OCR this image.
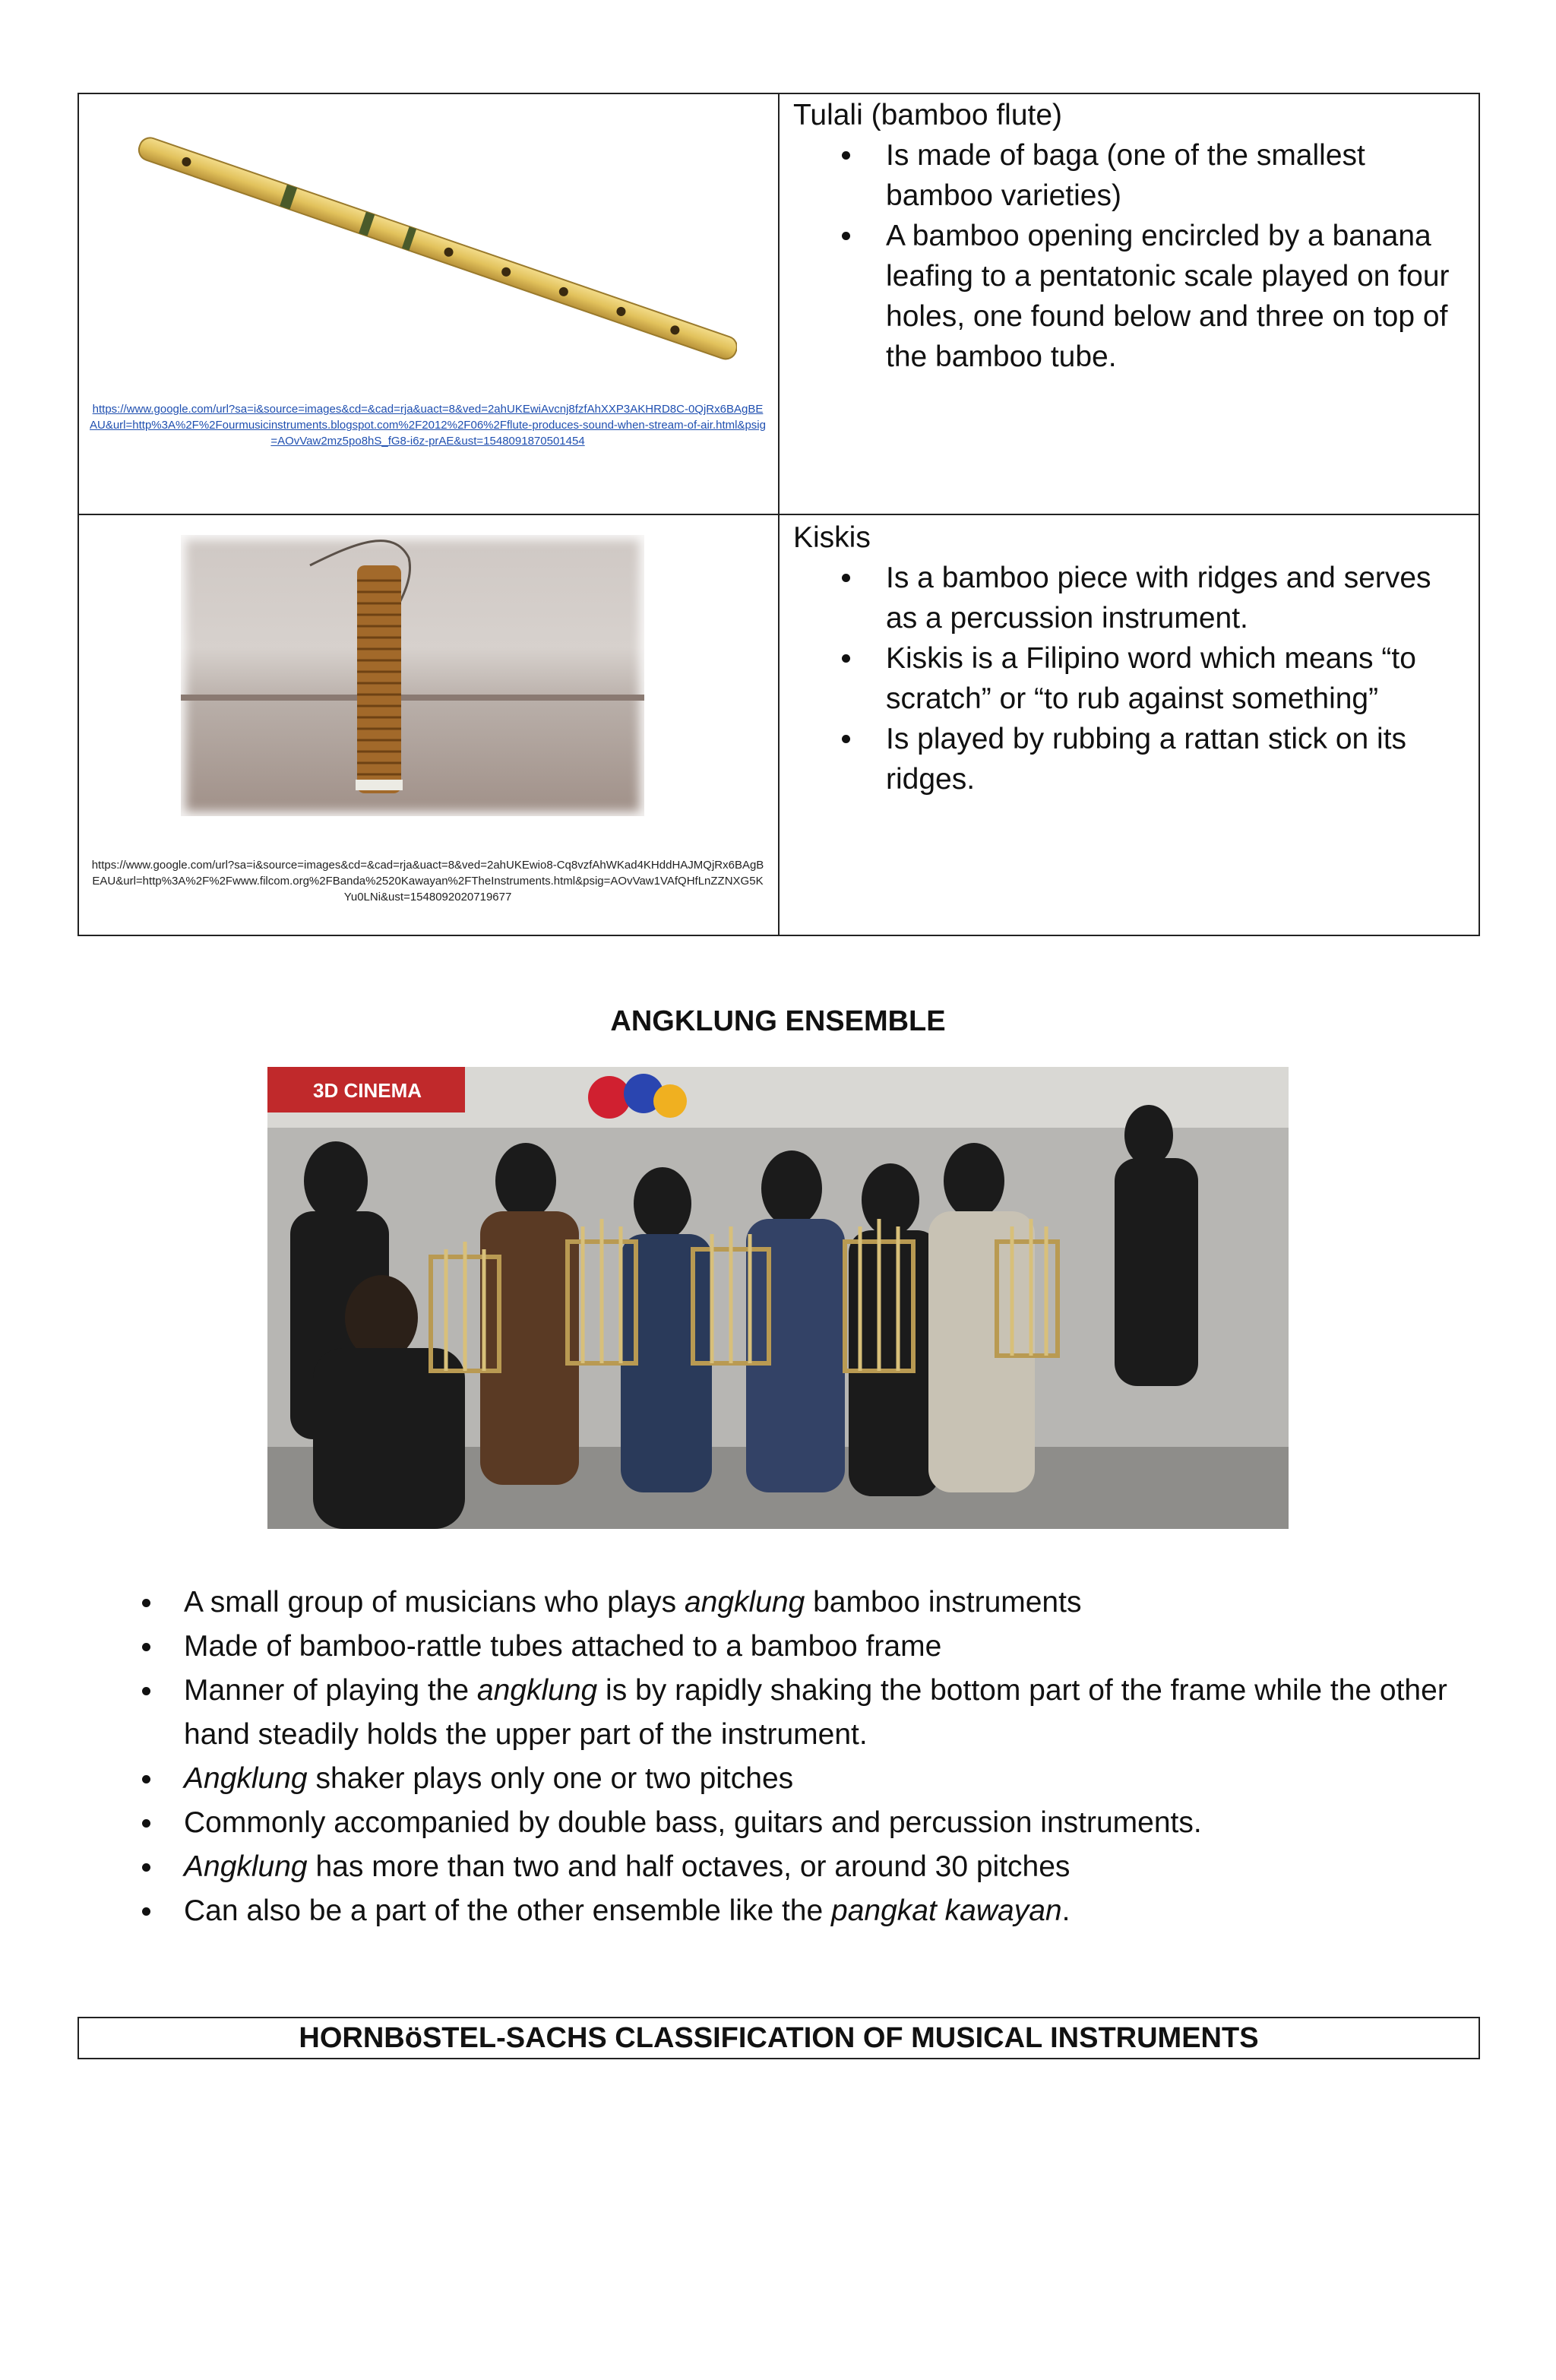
https://www.google.com/url?sa=i&source=images&cd=&cad=rja&uact=8&ved=2ahUKEwiAvcnj8fzfAhXXP3AKHRD8C-0QjRx6BAgBEAU&url=http%3A%2F%2Fourmusicinstruments.blogspot.com%2F2012%2F06%2Fflute-produces-sound-when-stream-of-air.html&psig=AOvVaw2mz5po8hS_fG8-i6z-prAE&ust=1548091870501454
Tulali (bamboo flute)
Is made of baga (one of the smallest bamboo varieties)
A bamboo opening encircled by a banana leafing to a pentatonic scale played on four holes, one found below and three on top of the bamboo tube.
https://www.google.com/url?sa=i&source=images&cd=&cad=rja&uact=8&ved=2ahUKEwio8-Cq8vzfAhWKad4KHddHAJMQjRx6BAgBEAU&url=http%3A%2F%2Fwww.filcom.org%2FBanda%2520Kawayan%2FTheInstruments.html&psig=AOvVaw1VAfQHfLnZZNXG5KYu0LNi&ust=1548092020719677
Kiskis
Is a bamboo piece with ridges and serves as a percussion instrument.
Kiskis is a Filipino word which means “to scratch” or “to rub against something”
Is played by rubbing a rattan stick on its ridges.
ANGKLUNG ENSEMBLE
3D CINEMA
A small group of musicians who plays angklung bamboo instruments
Made of bamboo-rattle tubes attached to a bamboo frame
Manner of playing the angklung is by rapidly shaking the bottom part of the frame while the other hand steadily holds the upper part of the instrument.
Angklung shaker plays only one or two pitches
Commonly accompanied by double bass, guitars and percussion instruments.
Angklung has more than two and half octaves, or around 30 pitches
Can also be a part of the other ensemble like the pangkat kawayan.
HORNBöSTEL-SACHS CLASSIFICATION OF MUSICAL INSTRUMENTS
